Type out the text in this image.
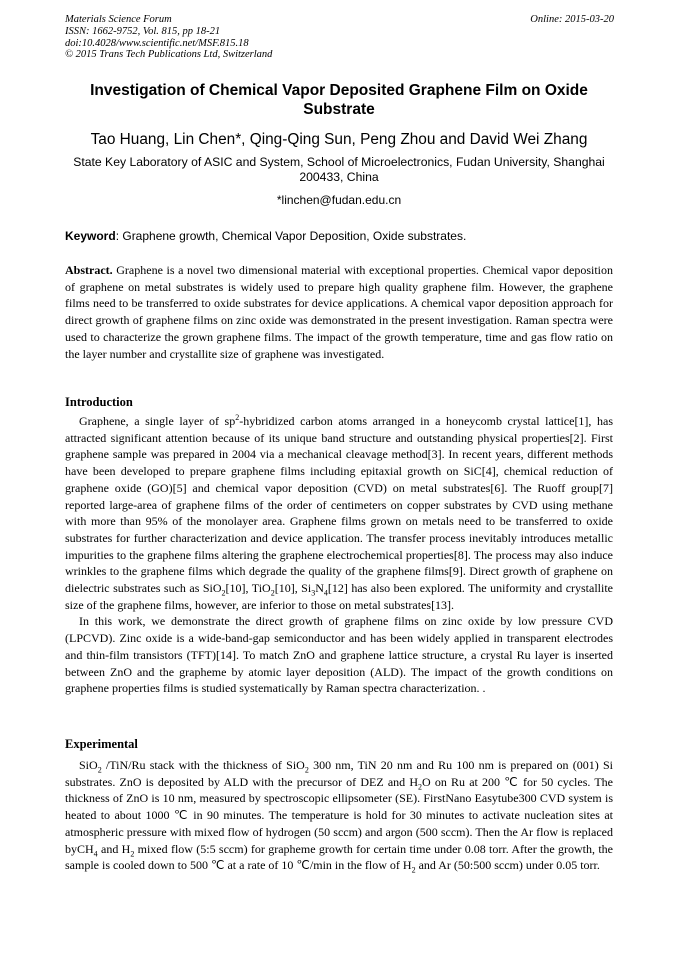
Materials Science Forum
ISSN: 1662-9752, Vol. 815, pp 18-21
doi:10.4028/www.scientific.net/MSF.815.18
© 2015 Trans Tech Publications Ltd, Switzerland
Online: 2015-03-20
Investigation of Chemical Vapor Deposited Graphene Film on Oxide Substrate
Tao Huang, Lin Chen*, Qing-Qing Sun, Peng Zhou and David Wei Zhang
State Key Laboratory of ASIC and System, School of Microelectronics, Fudan University, Shanghai 200433, China
*linchen@fudan.edu.cn
Keyword: Graphene growth, Chemical Vapor Deposition, Oxide substrates.
Abstract. Graphene is a novel two dimensional material with exceptional properties. Chemical vapor deposition of graphene on metal substrates is widely used to prepare high quality graphene film. However, the graphene films need to be transferred to oxide substrates for device applications. A chemical vapor deposition approach for direct growth of graphene films on zinc oxide was demonstrated in the present investigation. Raman spectra were used to characterize the grown graphene films. The impact of the growth temperature, time and gas flow ratio on the layer number and crystallite size of graphene was investigated.
Introduction

Graphene, a single layer of $sp^2$-hybridized carbon atoms arranged in a honeycomb crystal lattice[1], has attracted significant attention because of its unique band structure and outstanding physical properties[2]. First graphene sample was prepared in 2004 via a mechanical cleavage method[3]. In recent years, different methods have been developed to prepare graphene films including epitaxial growth on SiC[4], chemical reduction of graphene oxide (GO)[5] and chemical vapor deposition (CVD) on metal substrates[6]. The Ruoff group[7] reported large-area of graphene films of the order of centimeters on copper substrates by CVD using methane with more than 95% of the monolayer area. Graphene films grown on metals need to be transferred to oxide substrates for further characterization and device application. The transfer process inevitably introduces metallic impurities to the graphene films altering the graphene electrochemical properties[8]. The process may also induce wrinkles to the graphene films which degrade the quality of the graphene films[9]. Direct growth of graphene on dielectric substrates such as SiO$_2$[10], TiO$_2$[10], $Si_3N_4[12]$ has also been explored. The uniformity and crystallite size of the graphene films, however, are inferior to those on metal substrates[13].

In this work, we demonstrate the direct growth of graphene films on zinc oxide by low pressure CVD (LPCVD). Zinc oxide is a wide-band-gap semiconductor and has been widely applied in transparent electrodes and thin-film transistors (TFT)[14]. To match ZnO and graphene lattice structure, a crystal Ru layer is inserted between ZnO and the grapheme by atomic layer deposition (ALD). The impact of the growth conditions on graphene properties films is studied systematically by Raman spectra characterization. .

Experimental

SiO$_2$ /TiN/Ru stack with the thickness of SiO$_2$ 300 nm, TiN 20 nm and Ru 100 nm is prepared on (001) Si substrates. ZnO is deposited by ALD with the precursor of DEZ and $H_2O$ on Ru at 200 ℃ for 50 cycles. The thickness of ZnO is 10 nm, measured by spectroscopic ellipsometer (SE). FirstNano Easytube300 CVD system is heated to about 1000 ℃ in 90 minutes. The temperature is hold for 30 minutes to activate nucleation sites at atmospheric pressure with mixed flow of hydrogen (50 sccm) and argon (500 sccm). Then the Ar flow is replaced byCH$_4$ and $H_2$ mixed flow (5:5 sccm) for grapheme growth for certain time under 0.08 torr. After the growth, the sample is cooled down to 500 ℃ at a rate of 10 ℃/min in the flow of $H_2$ and Ar (50:500 sccm) under 0.05 torr.
